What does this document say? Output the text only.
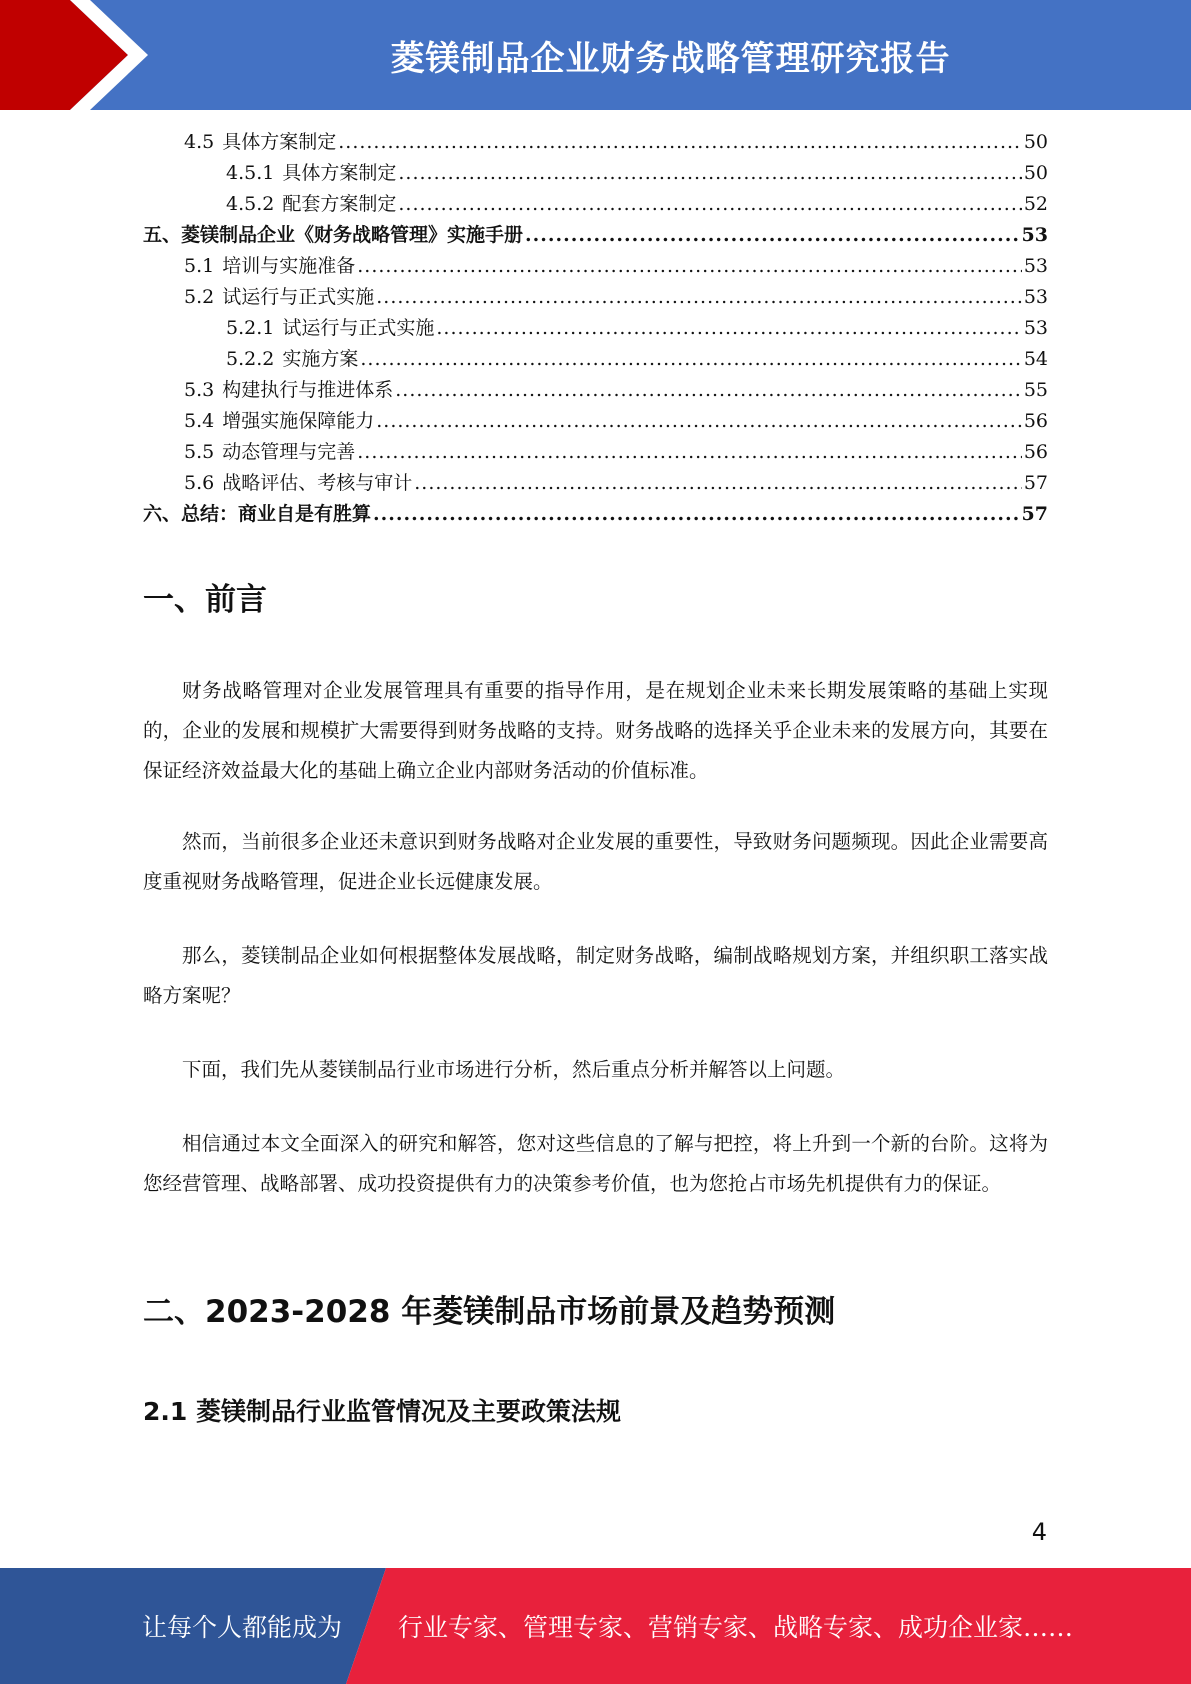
菱镁制品企业财务战略管理研究报告
4.5 具体方案制定 .....	50
4.5.1 具体方案制定 .....	50
4.5.2 配套方案制定 .....	52
五、菱镁制品企业《财务战略管理》实施手册 .....	53
5.1 培训与实施准备 .....	53
5.2 试运行与正式实施 .....	53
5.2.1 试运行与正式实施 .....	53
5.2.2 实施方案 .....	54
5.3 构建执行与推进体系 .....	55
5.4 增强实施保障能力 .....	56
5.5 动态管理与完善 .....	56
5.6 战略评估、考核与审计 .....	57
六、总结：商业自是有胜算 .....	57
一、前言

财务战略管理对企业发展管理具有重要的指导作用，是在规划企业未来长期发展策略的基础上实现的，企业的发展和规模扩大需要得到财务战略的支持。财务战略的选择关乎企业未来的发展方向，其要在保证经济效益最大化的基础上确立企业内部财务活动的价值标准。

然而，当前很多企业还未意识到财务战略对企业发展的重要性，导致财务问题频现。因此企业需要高度重视财务战略管理，促进企业长远健康发展。

那么，菱镁制品企业如何根据整体发展战略，制定财务战略，编制战略规划方案，并组织职工落实战略方案呢？

下面，我们先从菱镁制品行业市场进行分析，然后重点分析并解答以上问题。

相信通过本文全面深入的研究和解答，您对这些信息的了解与把控，将上升到一个新的台阶。这将为您经营管理、战略部署、成功投资提供有力的决策参考价值，也为您抢占市场先机提供有力的保证。

二、2023-2028 年菱镁制品市场前景及趋势预测
2.1 菱镁制品行业监管情况及主要政策法规
4
让每个人都能成为 行业专家、管理专家、营销专家、战略专家、成功企业家……
